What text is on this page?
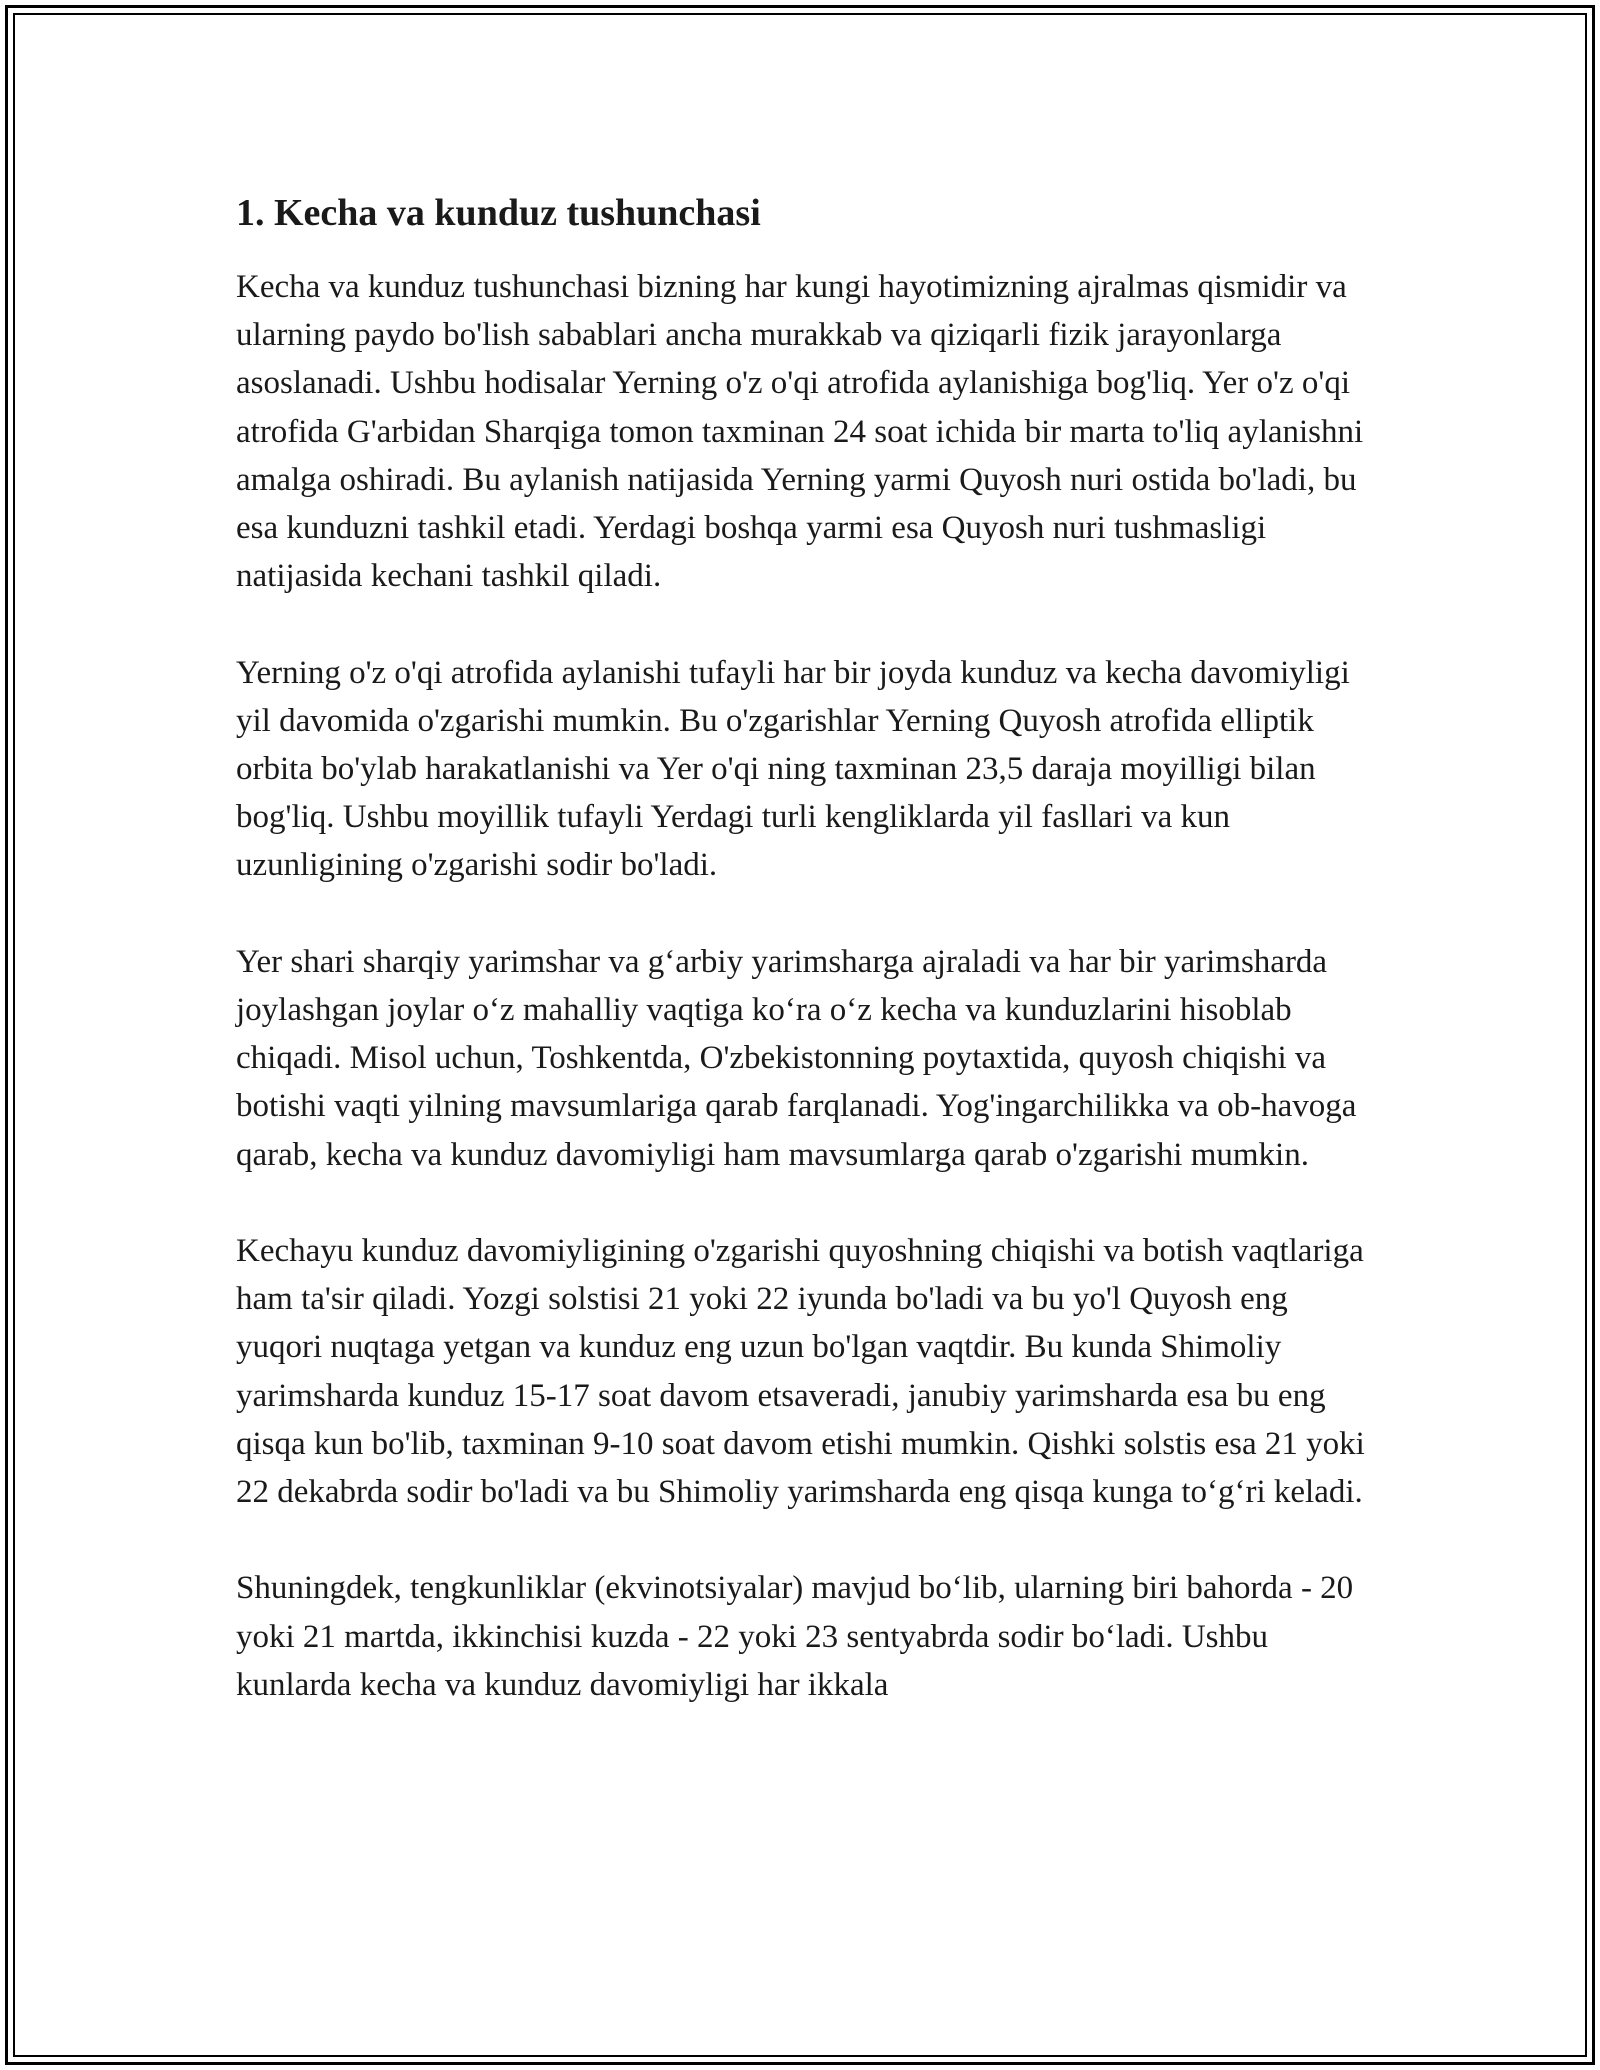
1. Kecha va kunduz tushunchasi

Kecha va kunduz tushunchasi bizning har kungi hayotimizning ajralmas qismidir va ularning paydo bo'lish sabablari ancha murakkab va qiziqarli fizik jarayonlarga asoslanadi. Ushbu hodisalar Yerning o'z o'qi atrofida aylanishiga bog'liq. Yer o'z o'qi atrofida G'arbidan Sharqiga tomon taxminan 24 soat ichida bir marta to'liq aylanishni amalga oshiradi. Bu aylanish natijasida Yerning yarmi Quyosh nuri ostida bo'ladi, bu esa kunduzni tashkil etadi. Yerdagi boshqa yarmi esa Quyosh nuri tushmasligi natijasida kechani tashkil qiladi.

Yerning o'z o'qi atrofida aylanishi tufayli har bir joyda kunduz va kecha davomiyligi yil davomida o'zgarishi mumkin. Bu o'zgarishlar Yerning Quyosh atrofida elliptik orbita bo'ylab harakatlanishi va Yer o'qi ning taxminan 23,5 daraja moyilligi bilan bog'liq. Ushbu moyillik tufayli Yerdagi turli kengliklarda yil fasllari va kun uzunligining o'zgarishi sodir bo'ladi.

Yer shari sharqiy yarimshar va g‘arbiy yarimsharga ajraladi va har bir yarimsharda joylashgan joylar o‘z mahalliy vaqtiga ko‘ra o‘z kecha va kunduzlarini hisoblab chiqadi. Misol uchun, Toshkentda, O'zbekistonning poytaxtida, quyosh chiqishi va botishi vaqti yilning mavsumlariga qarab farqlanadi. Yog'ingarchilikka va ob-havoga qarab, kecha va kunduz davomiyligi ham mavsumlarga qarab o'zgarishi mumkin.

Kechayu kunduz davomiyligining o'zgarishi quyoshning chiqishi va botish vaqtlariga ham ta'sir qiladi. Yozgi solstisi 21 yoki 22 iyunda bo'ladi va bu yo'l Quyosh eng yuqori nuqtaga yetgan va kunduz eng uzun bo'lgan vaqtdir. Bu kunda Shimoliy yarimsharda kunduz 15-17 soat davom etsaveradi, janubiy yarimsharda esa bu eng qisqa kun bo'lib, taxminan 9-10 soat davom etishi mumkin. Qishki solstis esa 21 yoki 22 dekabrda sodir bo'ladi va bu Shimoliy yarimsharda eng qisqa kunga to‘g‘ri keladi.

Shuningdek, tengkunliklar (ekvinotsiyalar) mavjud bo‘lib, ularning biri bahorda - 20 yoki 21 martda, ikkinchisi kuzda - 22 yoki 23 sentyabrda sodir bo‘ladi. Ushbu kunlarda kecha va kunduz davomiyligi har ikkala
